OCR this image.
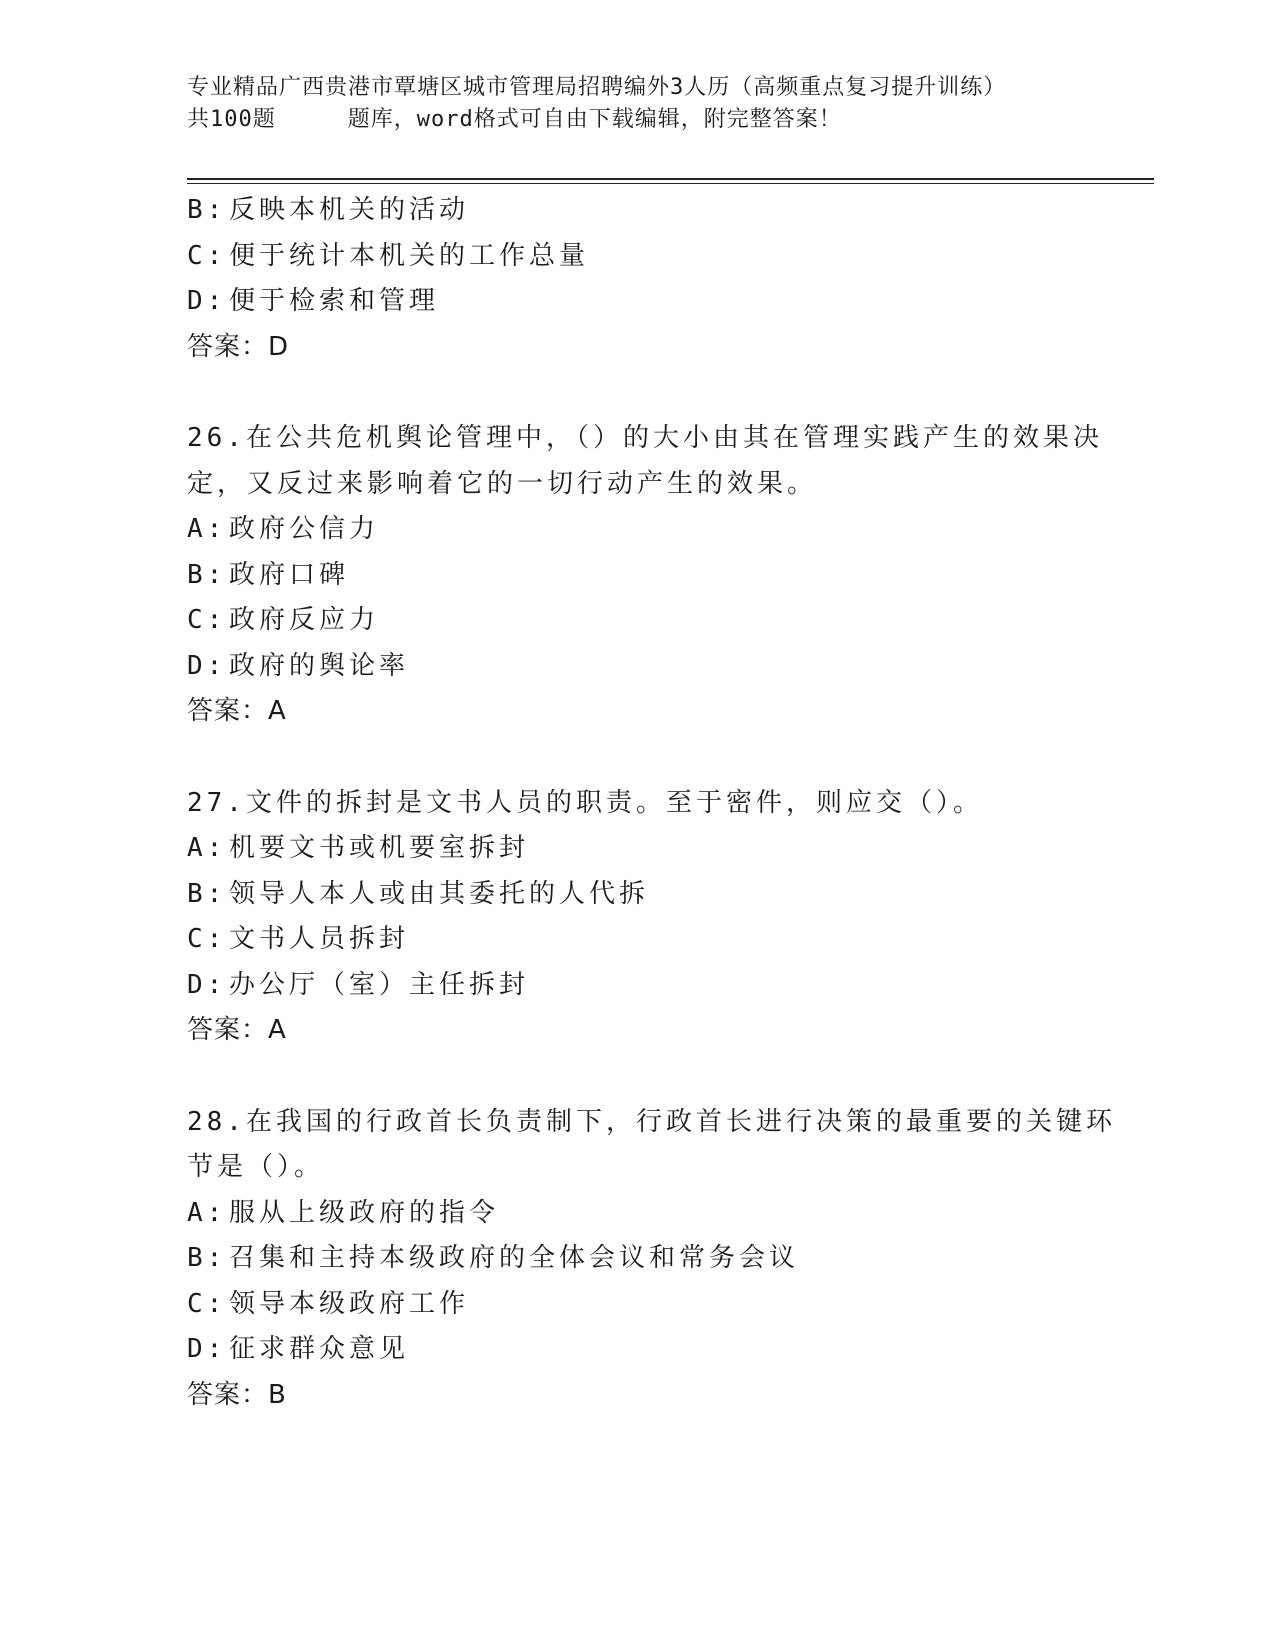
专业精品广西贵港市覃塘区城市管理局招聘编外3人历（高频重点复习提升训练）
共100题	题库，word格式可自由下载编辑，附完整答案！
B: 反映本机关的活动
C: 便于统计本机关的工作总量
D: 便于检索和管理
答案：D
26.在公共危机舆论管理中，（）的大小由其在管理实践产生的效果决
定，又反过来影响着它的一切行动产生的效果。
A: 政府公信力
B: 政府口碑
C: 政府反应力
D: 政府的舆论率
答案：A
27.文件的拆封是文书人员的职责。至于密件，则应交（）。
A: 机要文书或机要室拆封
B: 领导人本人或由其委托的人代拆
C: 文书人员拆封
D: 办公厅（室）主任拆封
答案：A
28.在我国的行政首长负责制下，行政首长进行决策的最重要的关键环
节是（）。
A: 服从上级政府的指令
B: 召集和主持本级政府的全体会议和常务会议
C: 领导本级政府工作
D: 征求群众意见
答案：B
